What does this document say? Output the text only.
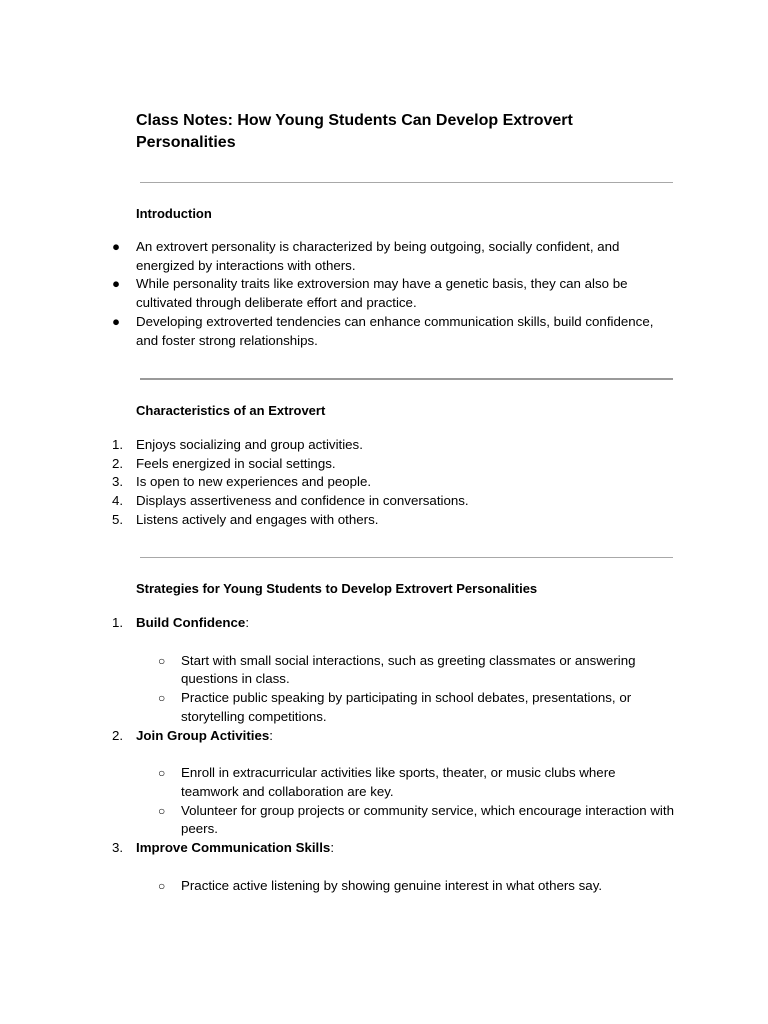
Class Notes: How Young Students Can Develop Extrovert Personalities
Introduction
●	An extrovert personality is characterized by being outgoing, socially confident, and energized by interactions with others.
●	While personality traits like extroversion may have a genetic basis, they can also be cultivated through deliberate effort and practice.
●	Developing extroverted tendencies can enhance communication skills, build confidence, and foster strong relationships.
Characteristics of an Extrovert
1. Enjoys socializing and group activities.
2. Feels energized in social settings.
3. Is open to new experiences and people.
4. Displays assertiveness and confidence in conversations.
5. Listens actively and engages with others.
Strategies for Young Students to Develop Extrovert Personalities
1. Build Confidence:
○	Start with small social interactions, such as greeting classmates or answering questions in class.
○	Practice public speaking by participating in school debates, presentations, or storytelling competitions.
2. Join Group Activities:
○	Enroll in extracurricular activities like sports, theater, or music clubs where teamwork and collaboration are key.
○	Volunteer for group projects or community service, which encourage interaction with peers.
3. Improve Communication Skills:
○	Practice active listening by showing genuine interest in what others say.
